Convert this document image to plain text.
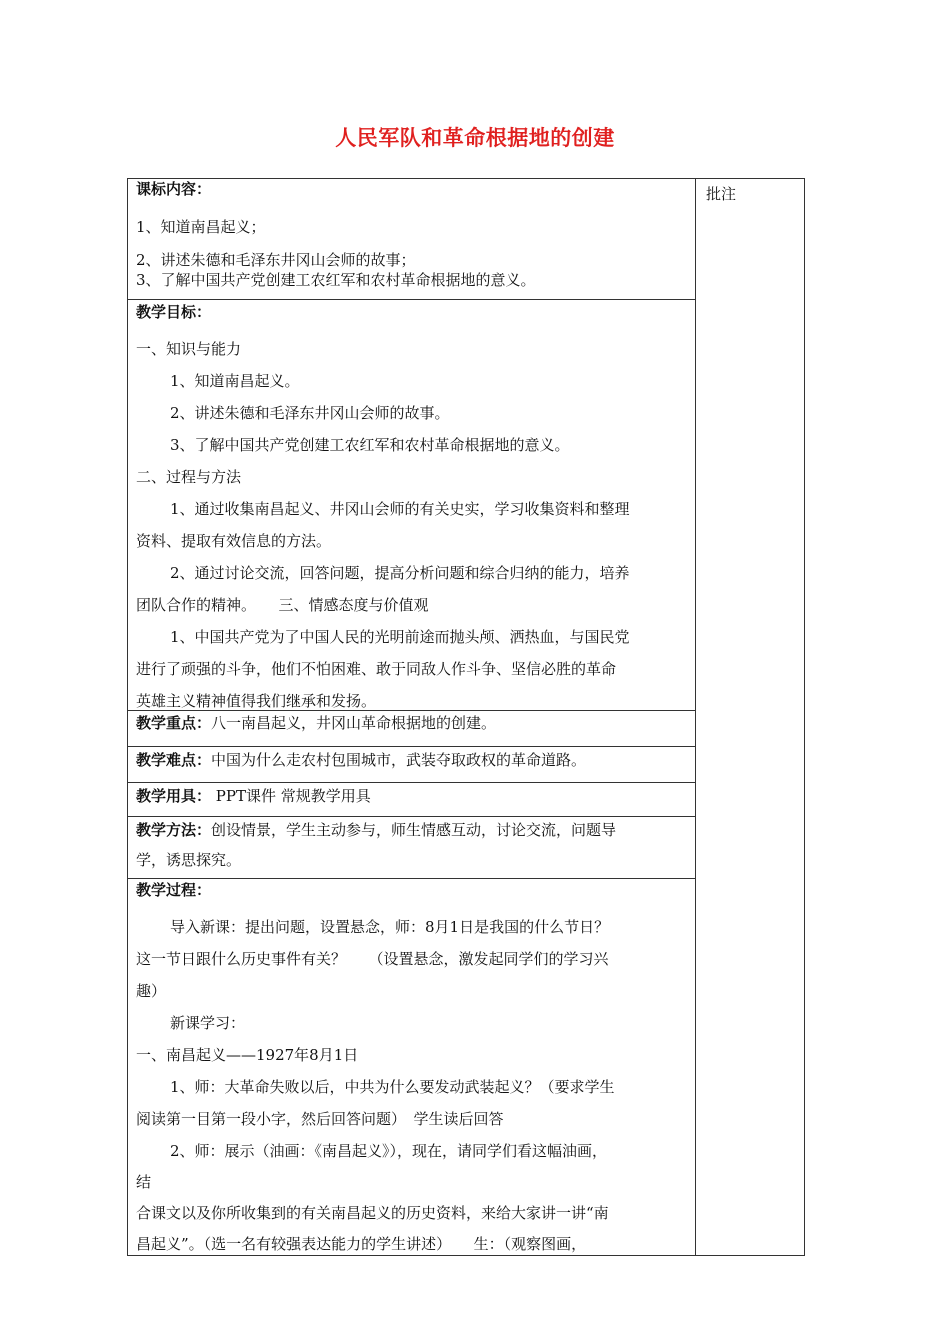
人民军队和革命根据地的创建
批注
课标内容：
1、知道南昌起义；
2、讲述朱德和毛泽东井冈山会师的故事；
3、了解中国共产党创建工农红军和农村革命根据地的意义。
教学目标：
一、知识与能力
1、知道南昌起义。
2、讲述朱德和毛泽东井冈山会师的故事。
3、了解中国共产党创建工农红军和农村革命根据地的意义。
二、过程与方法
1、通过收集南昌起义、井冈山会师的有关史实，学习收集资料和整理
资料、提取有效信息的方法。
2、通过讨论交流，回答问题，提高分析问题和综合归纳的能力，培养
团队合作的精神。　　三、情感态度与价值观
1、中国共产党为了中国人民的光明前途而抛头颅、洒热血，与国民党
进行了顽强的斗争，他们不怕困难、敢于同敌人作斗争、坚信必胜的革命
英雄主义精神值得我们继承和发扬。
教学重点：八一南昌起义，井冈山革命根据地的创建。
教学难点：中国为什么走农村包围城市，武装夺取政权的革命道路。
教学用具： PPT课件 常规教学用具
教学方法：创设情景，学生主动参与，师生情感互动，讨论交流，问题导
学，诱思探究。
教学过程：
导入新课：提出问题，设置悬念，师：8月1日是我国的什么节日？
这一节日跟什么历史事件有关？　　（设置悬念，激发起同学们的学习兴
趣）
新课学习：
一、南昌起义——1927年8月1日
1、师：大革命失败以后，中共为什么要发动武装起义？（要求学生
阅读第一目第一段小字，然后回答问题）　学生读后回答
2、师：展示（油画：《南昌起义》），现在，请同学们看这幅油画，
结
合课文以及你所收集到的有关南昌起义的历史资料，来给大家讲一讲“南
昌起义”。（选一名有较强表达能力的学生讲述）　　生：（观察图画，
